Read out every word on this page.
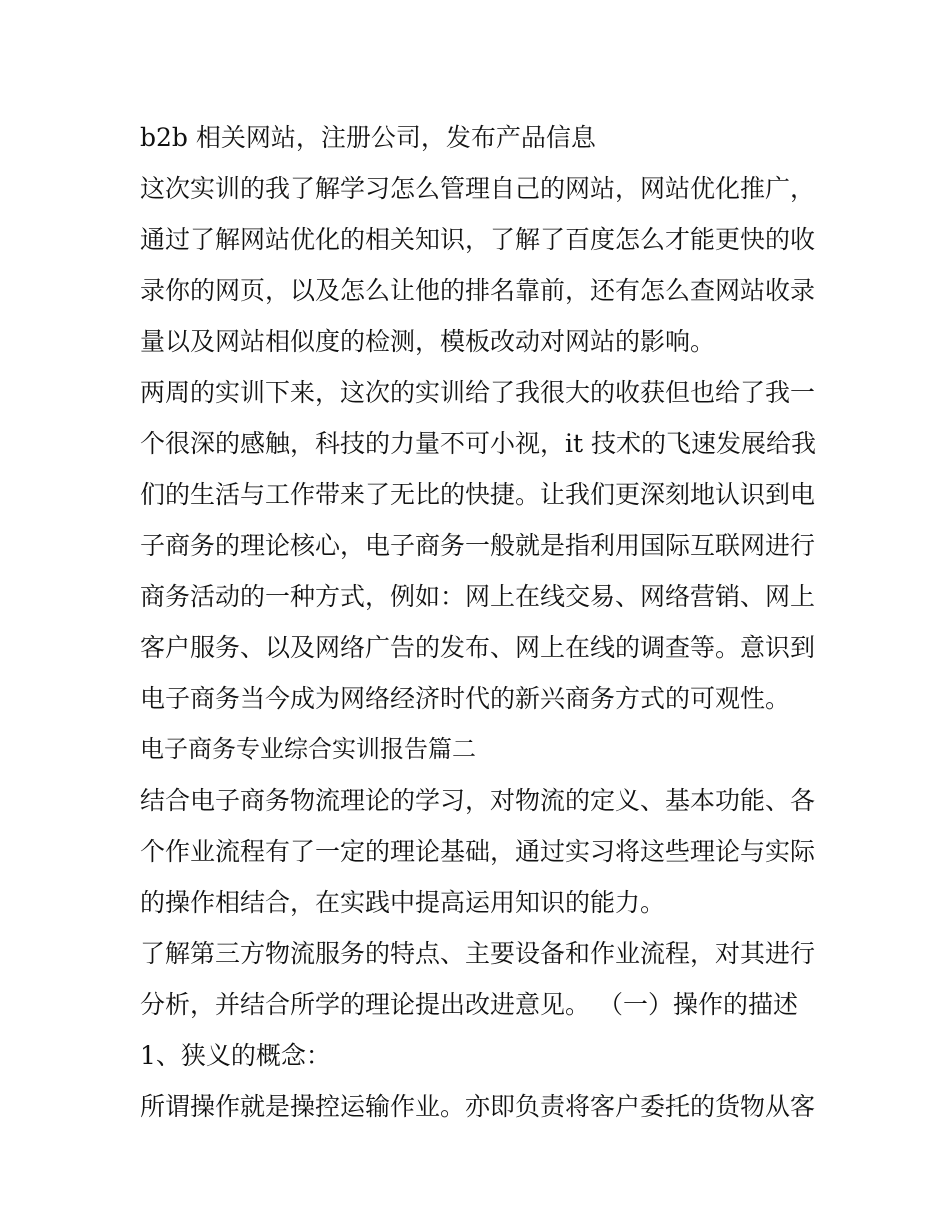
b2b 相关网站，注册公司，发布产品信息
这次实训的我了解学习怎么管理自己的网站，网站优化推广，
通过了解网站优化的相关知识，了解了百度怎么才能更快的收
录你的网页，以及怎么让他的排名靠前，还有怎么查网站收录
量以及网站相似度的检测，模板改动对网站的影响。
两周的实训下来，这次的实训给了我很大的收获但也给了我一
个很深的感触，科技的力量不可小视，it 技术的飞速发展给我
们的生活与工作带来了无比的快捷。让我们更深刻地认识到电
子商务的理论核心，电子商务一般就是指利用国际互联网进行
商务活动的一种方式，例如：网上在线交易、网络营销、网上
客户服务、以及网络广告的发布、网上在线的调查等。意识到
电子商务当今成为网络经济时代的新兴商务方式的可观性。
电子商务专业综合实训报告篇二
结合电子商务物流理论的学习，对物流的定义、基本功能、各
个作业流程有了一定的理论基础，通过实习将这些理论与实际
的操作相结合，在实践中提高运用知识的能力。
了解第三方物流服务的特点、主要设备和作业流程，对其进行
分析，并结合所学的理论提出改进意见。 （一）操作的描述
1、狭义的概念：
所谓操作就是操控运输作业。亦即负责将客户委托的货物从客
